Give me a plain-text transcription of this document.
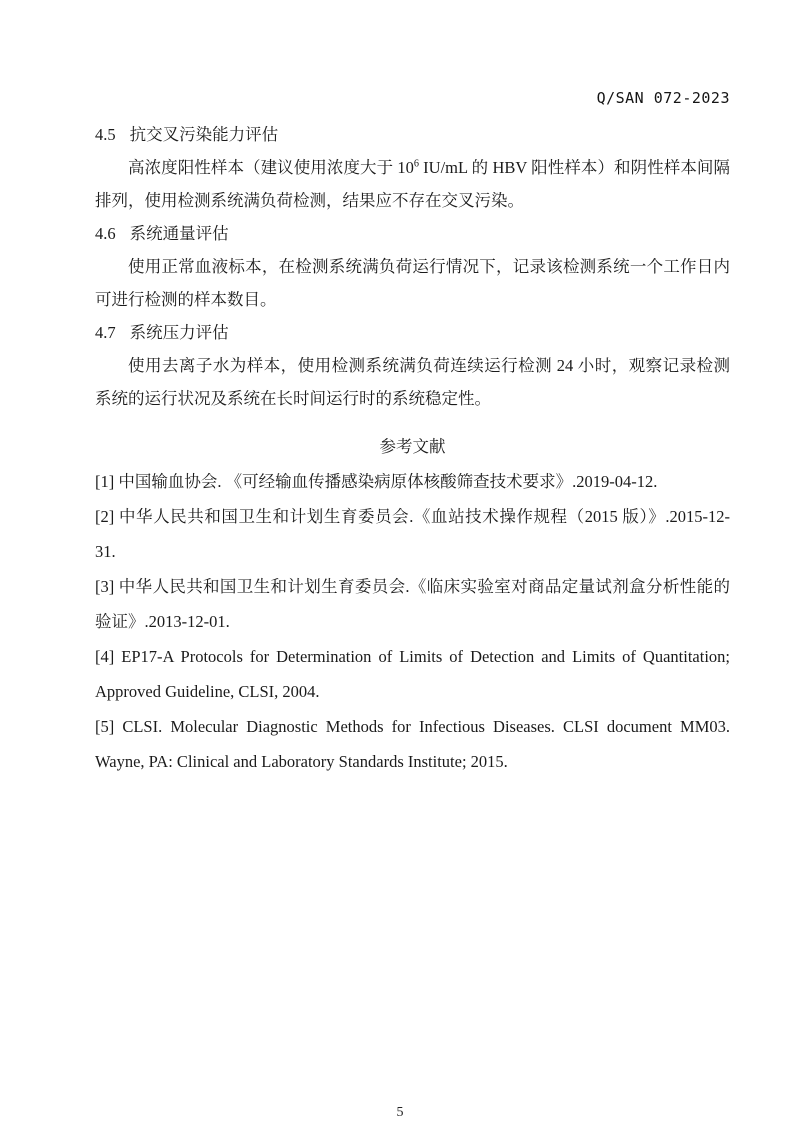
Q/SAN 072-2023
4.5 抗交叉污染能力评估

高浓度阳性样本（建议使用浓度大于 $10^6$ IU/mL 的 HBV 阳性样本）和阴性样本间隔排列，使用检测系统满负荷检测，结果应不存在交叉污染。

4.6 系统通量评估

使用正常血液标本，在检测系统满负荷运行情况下，记录该检测系统一个工作日内可进行检测的样本数目。

4.7 系统压力评估

使用去离子水为样本，使用检测系统满负荷连续运行检测 24 小时，观察记录检测系统的运行状况及系统在长时间运行时的系统稳定性。

参考文献

[1] 中国输血协会. 《可经输血传播感染病原体核酸筛查技术要求》.2019-04-12.

[2] 中华人民共和国卫生和计划生育委员会.《血站技术操作规程（2015 版）》.2015-12-31.

[3] 中华人民共和国卫生和计划生育委员会.《临床实验室对商品定量试剂盒分析性能的验证》.2013-12-01.

[4] EP17-A Protocols for Determination of Limits of Detection and Limits of Quantitation; Approved Guideline, CLSI, 2004.

[5] CLSI. Molecular Diagnostic Methods for Infectious Diseases. CLSI document MM03. Wayne, PA: Clinical and Laboratory Standards Institute; 2015.

5
